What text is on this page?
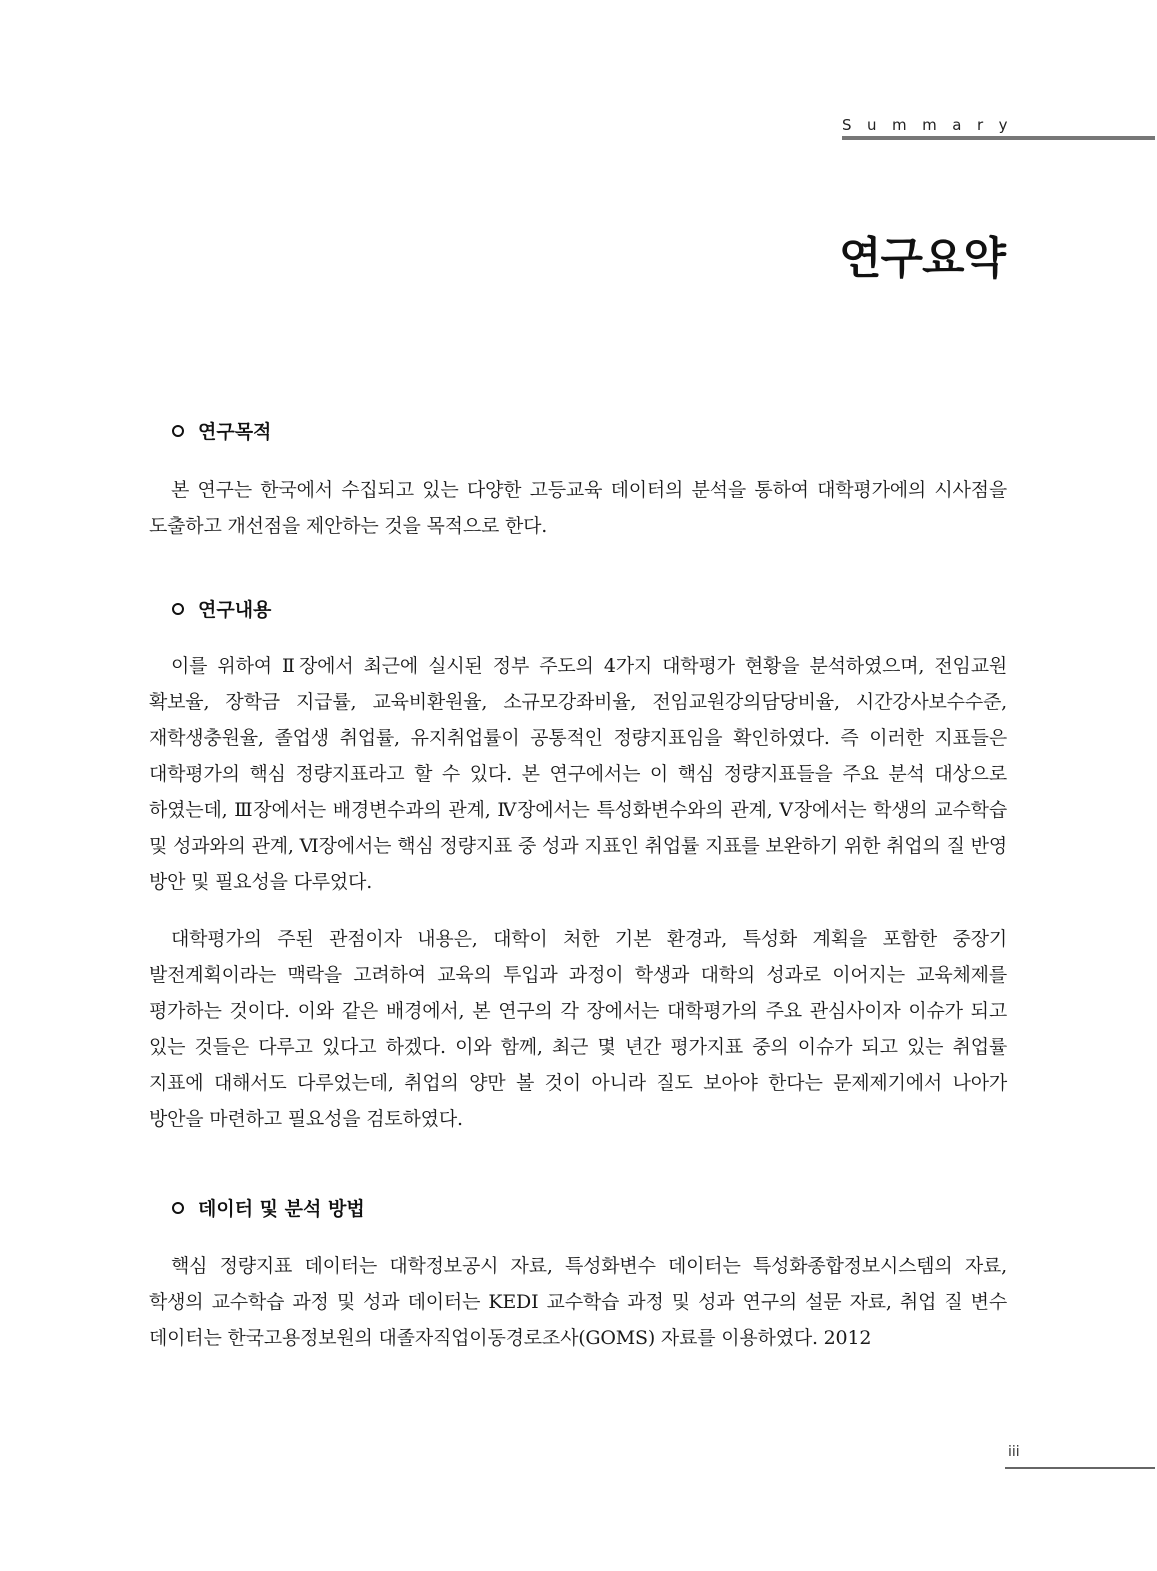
Summary
연구요약
연구목적

본 연구는 한국에서 수집되고 있는 다양한 고등교육 데이터의 분석을 통하여 대학평가에의 시사점을 도출하고 개선점을 제안하는 것을 목적으로 한다.

연구내용

이를 위하여 Ⅱ장에서 최근에 실시된 정부 주도의 4가지 대학평가 현황을 분석하였으며, 전임교원 확보율, 장학금 지급률, 교육비환원율, 소규모강좌비율, 전임교원강의담당비율, 시간강사보수수준, 재학생충원율, 졸업생 취업률, 유지취업률이 공통적인 정량지표임을 확인하였다. 즉 이러한 지표들은 대학평가의 핵심 정량지표라고 할 수 있다. 본 연구에서는 이 핵심 정량지표들을 주요 분석 대상으로 하였는데, Ⅲ장에서는 배경변수과의 관계, Ⅳ장에서는 특성화변수와의 관계, Ⅴ장에서는 학생의 교수학습 및 성과와의 관계, Ⅵ장에서는 핵심 정량지표 중 성과 지표인 취업률 지표를 보완하기 위한 취업의 질 반영 방안 및 필요성을 다루었다.

대학평가의 주된 관점이자 내용은, 대학이 처한 기본 환경과, 특성화 계획을 포함한 중장기 발전계획이라는 맥락을 고려하여 교육의 투입과 과정이 학생과 대학의 성과로 이어지는 교육체제를 평가하는 것이다. 이와 같은 배경에서, 본 연구의 각 장에서는 대학평가의 주요 관심사이자 이슈가 되고 있는 것들은 다루고 있다고 하겠다. 이와 함께, 최근 몇 년간 평가지표 중의 이슈가 되고 있는 취업률 지표에 대해서도 다루었는데, 취업의 양만 볼 것이 아니라 질도 보아야 한다는 문제제기에서 나아가 방안을 마련하고 필요성을 검토하였다.

데이터 및 분석 방법

핵심 정량지표 데이터는 대학정보공시 자료, 특성화변수 데이터는 특성화종합정보시스템의 자료, 학생의 교수학습 과정 및 성과 데이터는 KEDI 교수학습 과정 및 성과 연구의 설문 자료, 취업 질 변수 데이터는 한국고용정보원의 대졸자직업이동경로조사(GOMS) 자료를 이용하였다. 2012

iii
